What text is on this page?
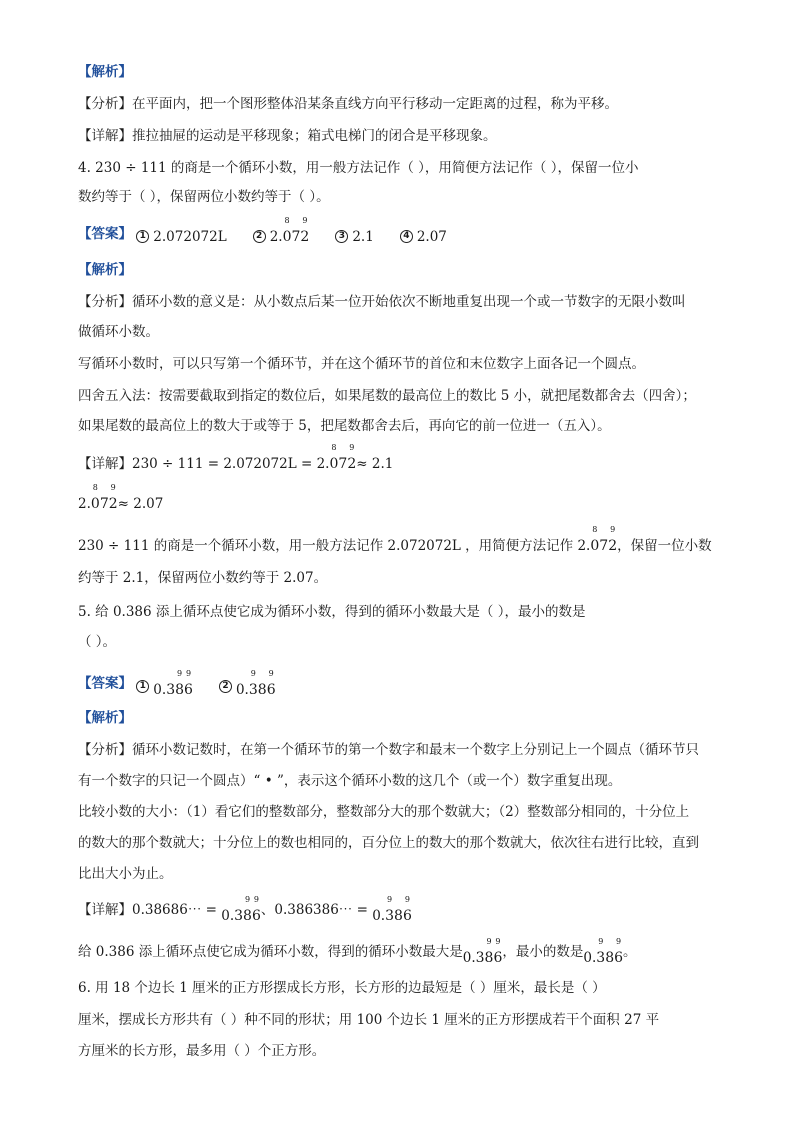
【解析】
【分析】在平面内，把一个图形整体沿某条直线方向平行移动一定距离的过程，称为平移。
【详解】推拉抽屉的运动是平移现象；箱式电梯门的闭合是平移现象。
4. 230 ÷ 111 的商是一个循环小数，用一般方法记作（ ），用简便方法记作（ ），保留一位小
数约等于（ ），保留两位小数约等于（ ）。
【答案】 1 2.072072L	2 2.8 079 2	3 2.1	4 2.07
【解析】
【分析】循环小数的意义是：从小数点后某一位开始依次不断地重复出现一个或一节数字的无限小数叫
做循环小数。
写循环小数时，可以只写第一个循环节，并在这个循环节的首位和末位数字上面各记一个圆点。
四舍五入法：按需要截取到指定的数位后，如果尾数的最高位上的数比 5 小，就把尾数都舍去（四舍）；
如果尾数的最高位上的数大于或等于 5，把尾数都舍去后，再向它的前一位进一（五入）。
【详解】230 ÷ 111 = 2.072072L = 2.8 079 2≈ 2.1
2.8 079 2≈ 2.07
230 ÷ 111 的商是一个循环小数，用一般方法记作 2.072072L ，用简便方法记作 2.8 079 2，保留一位小数
约等于 2.1，保留两位小数约等于 2.07。
5. 给 0.386 添上循环点使它成为循环小数，得到的循环小数最大是（ ），最小的数是
（ ）。
【答案】 1 0.39 89 6	2 0.9 389 6
【解析】
【分析】循环小数记数时，在第一个循环节的第一个数字和最末一个数字上分别记上一个圆点（循环节只
有一个数字的只记一个圆点）“ • ”，表示这个循环小数的这几个（或一个）数字重复出现。
比较小数的大小：（1）看它们的整数部分，整数部分大的那个数就大；（2）整数部分相同的，十分位上
的数大的那个数就大；十分位上的数也相同的，百分位上的数大的那个数就大，依次往右进行比较，直到
比出大小为止。
【详解】0.38686⋯ = 0.39 89 6、0.386386⋯ = 0.9 389 6
给 0.386 添上循环点使它成为循环小数，得到的循环小数最大是0.39 89 6，最小的数是0.9 389 6。
6. 用 18 个边长 1 厘米的正方形摆成长方形，长方形的边最短是（ ）厘米，最长是（ ）
厘米，摆成长方形共有（ ）种不同的形状；用 100 个边长 1 厘米的正方形摆成若干个面积 27 平
方厘米的长方形，最多用（ ）个正方形。
